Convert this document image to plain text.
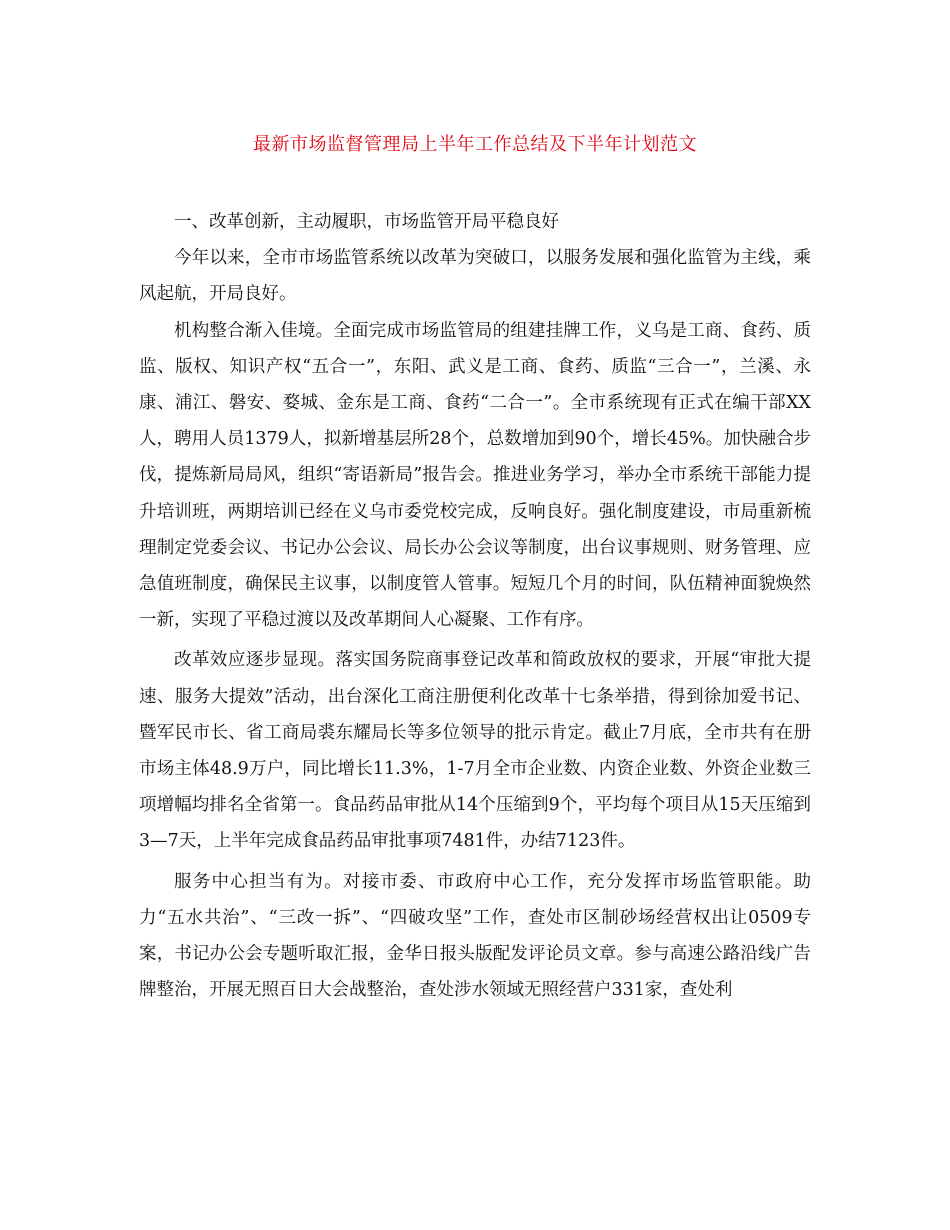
最新市场监督管理局上半年工作总结及下半年计划范文

一、改革创新，主动履职，市场监管开局平稳良好

今年以来，全市市场监管系统以改革为突破口，以服务发展和强化监管为主线，乘风起航，开局良好。

机构整合渐入佳境。全面完成市场监管局的组建挂牌工作，义乌是工商、食药、质监、版权、知识产权“五合一”，东阳、武义是工商、食药、质监“三合一”，兰溪、永康、浦江、磐安、婺城、金东是工商、食药“二合一”。全市系统现有正式在编干部XX人，聘用人员1379人，拟新增基层所28个，总数增加到90个，增长45%。加快融合步伐，提炼新局局风，组织“寄语新局”报告会。推进业务学习，举办全市系统干部能力提升培训班，两期培训已经在义乌市委党校完成，反响良好。强化制度建设，市局重新梳理制定党委会议、书记办公会议、局长办公会议等制度，出台议事规则、财务管理、应急值班制度，确保民主议事，以制度管人管事。短短几个月的时间，队伍精神面貌焕然一新，实现了平稳过渡以及改革期间人心凝聚、工作有序。

改革效应逐步显现。落实国务院商事登记改革和简政放权的要求，开展“审批大提速、服务大提效”活动，出台深化工商注册便利化改革十七条举措，得到徐加爱书记、暨军民市长、省工商局裘东耀局长等多位领导的批示肯定。截止7月底，全市共有在册市场主体48.9万户，同比增长11.3%，1-7月全市企业数、内资企业数、外资企业数三项增幅均排名全省第一。食品药品审批从14个压缩到9个，平均每个项目从15天压缩到3—7天，上半年完成食品药品审批事项7481件，办结7123件。

服务中心担当有为。对接市委、市政府中心工作，充分发挥市场监管职能。助力“五水共治”、“三改一拆”、“四破攻坚”工作，查处市区制砂场经营权出让0509专案，书记办公会专题听取汇报，金华日报头版配发评论员文章。参与高速公路沿线广告牌整治，开展无照百日大会战整治，查处涉水领域无照经营户331家，查处利
